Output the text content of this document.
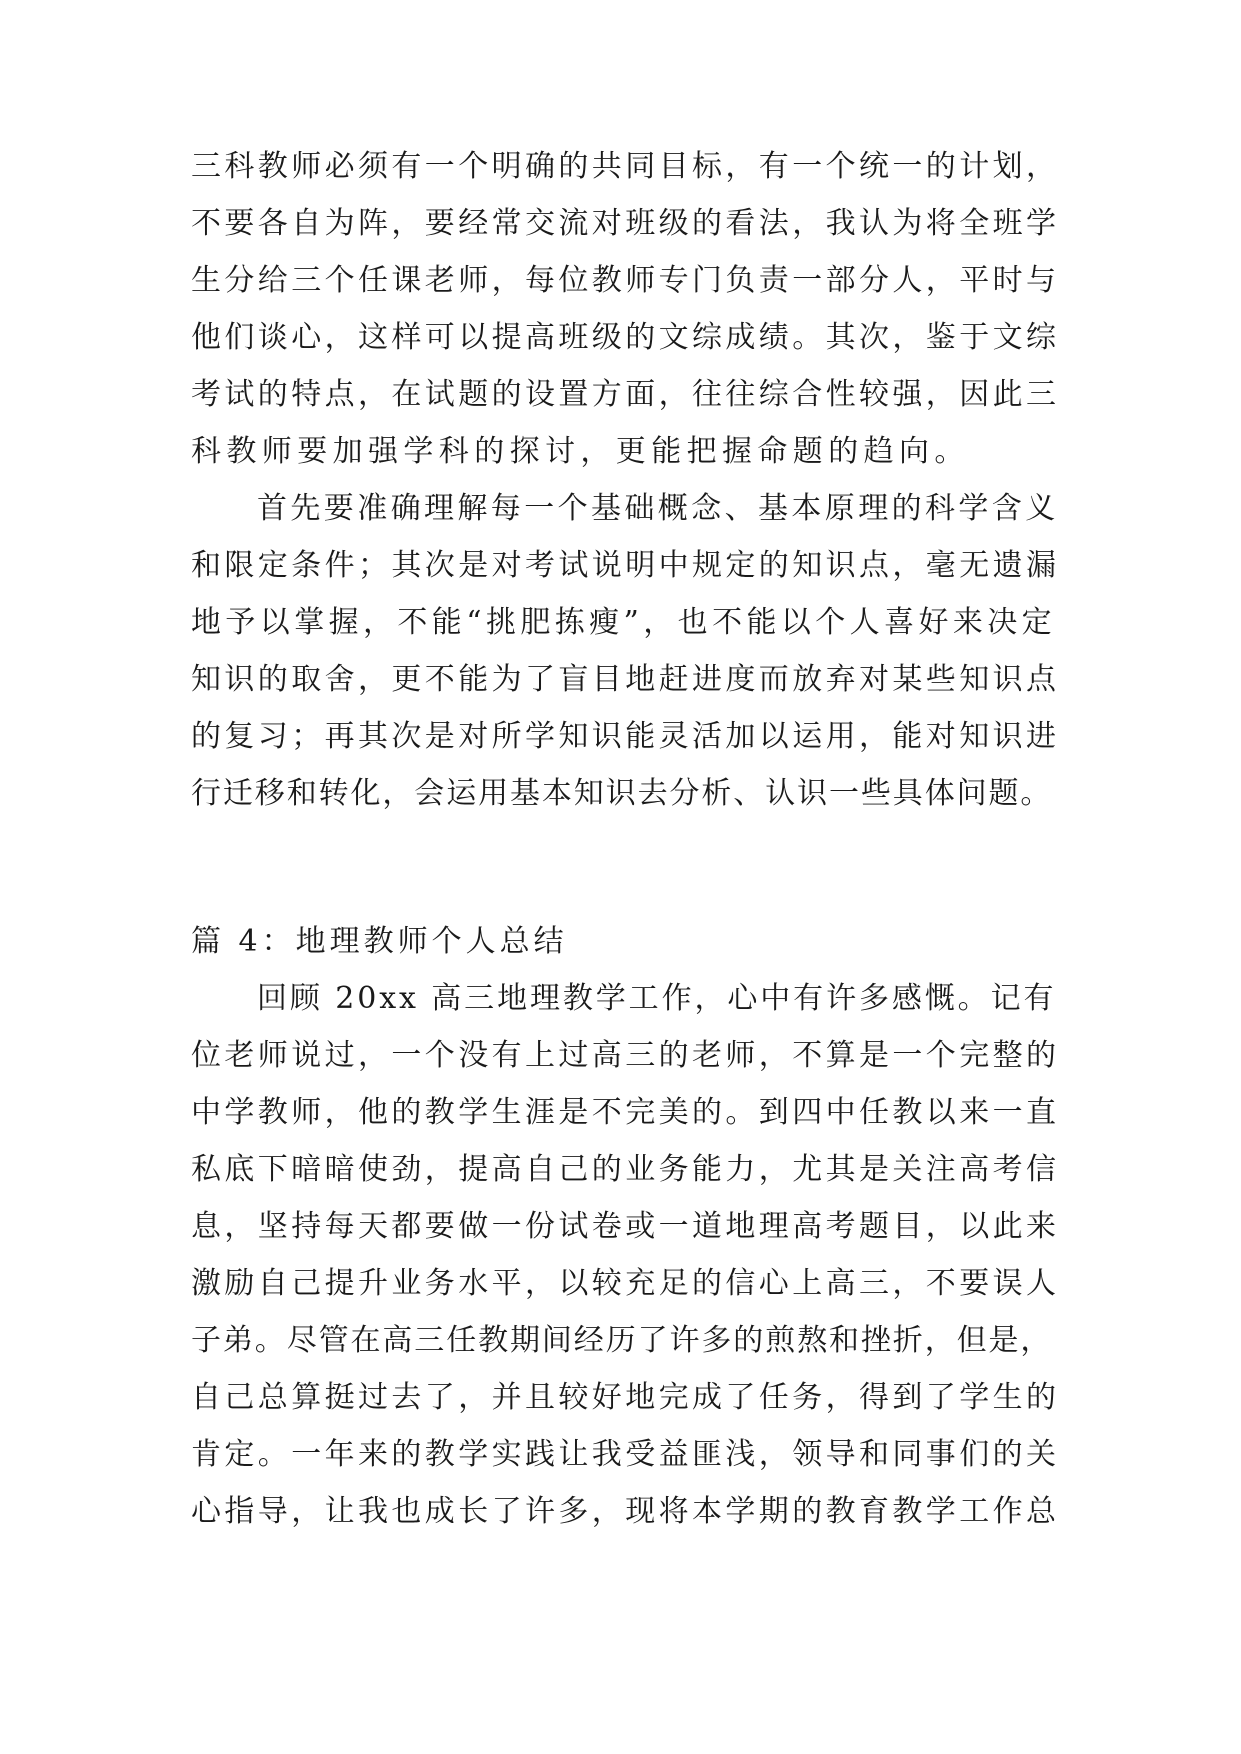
三科教师必须有一个明确的共同目标，有一个统一的计划，
不要各自为阵，要经常交流对班级的看法，我认为将全班学
生分给三个任课老师，每位教师专门负责一部分人，平时与
他们谈心，这样可以提高班级的文综成绩。其次，鉴于文综
考试的特点，在试题的设置方面，往往综合性较强，因此三
科教师要加强学科的探讨，更能把握命题的趋向。
首先要准确理解每一个基础概念、基本原理的科学含义
和限定条件；其次是对考试说明中规定的知识点，毫无遗漏
地予以掌握，不能“挑肥拣瘦”，也不能以个人喜好来决定
知识的取舍，更不能为了盲目地赶进度而放弃对某些知识点
的复习；再其次是对所学知识能灵活加以运用，能对知识进
行迁移和转化，会运用基本知识去分析、认识一些具体问题。
篇 4：地理教师个人总结
回顾 20xx 高三地理教学工作，心中有许多感慨。记有
位老师说过，一个没有上过高三的老师，不算是一个完整的
中学教师，他的教学生涯是不完美的。到四中任教以来一直
私底下暗暗使劲，提高自己的业务能力，尤其是关注高考信
息，坚持每天都要做一份试卷或一道地理高考题目，以此来
激励自己提升业务水平，以较充足的信心上高三，不要误人
子弟。尽管在高三任教期间经历了许多的煎熬和挫折，但是，
自己总算挺过去了，并且较好地完成了任务，得到了学生的
肯定。一年来的教学实践让我受益匪浅，领导和同事们的关
心指导，让我也成长了许多，现将本学期的教育教学工作总
